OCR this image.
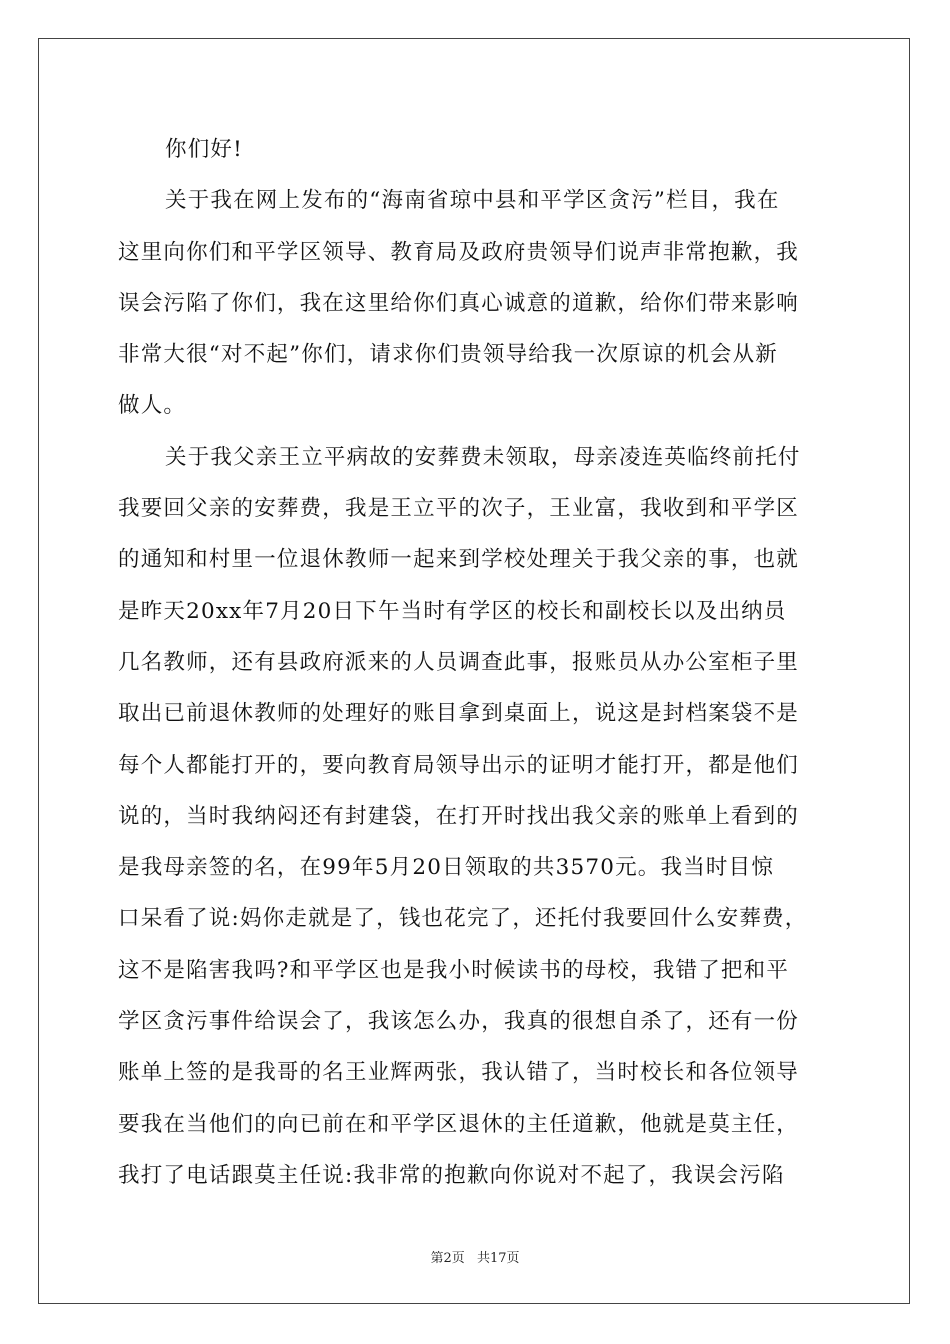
你们好!
关于我在网上发布的“海南省琼中县和平学区贪污”栏目，我在
这里向你们和平学区领导、教育局及政府贵领导们说声非常抱歉，我
误会污陷了你们，我在这里给你们真心诚意的道歉，给你们带来影响
非常大很“对不起”你们，请求你们贵领导给我一次原谅的机会从新
做人。
关于我父亲王立平病故的安葬费未领取，母亲凌连英临终前托付
我要回父亲的安葬费，我是王立平的次子，王业富，我收到和平学区
的通知和村里一位退休教师一起来到学校处理关于我父亲的事，也就
是昨天20xx年7月20日下午当时有学区的校长和副校长以及出纳员
几名教师，还有县政府派来的人员调查此事，报账员从办公室柜子里
取出已前退休教师的处理好的账目拿到桌面上，说这是封档案袋不是
每个人都能打开的，要向教育局领导出示的证明才能打开，都是他们
说的，当时我纳闷还有封建袋，在打开时找出我父亲的账单上看到的
是我母亲签的名，在99年5月20日领取的共3570元。我当时目惊
口呆看了说:妈你走就是了，钱也花完了，还托付我要回什么安葬费，
这不是陷害我吗?和平学区也是我小时候读书的母校，我错了把和平
学区贪污事件给误会了，我该怎么办，我真的很想自杀了，还有一份
账单上签的是我哥的名王业辉两张，我认错了，当时校长和各位领导
要我在当他们的向已前在和平学区退休的主任道歉，他就是莫主任，
我打了电话跟莫主任说:我非常的抱歉向你说对不起了，我误会污陷
第2页 共17页
